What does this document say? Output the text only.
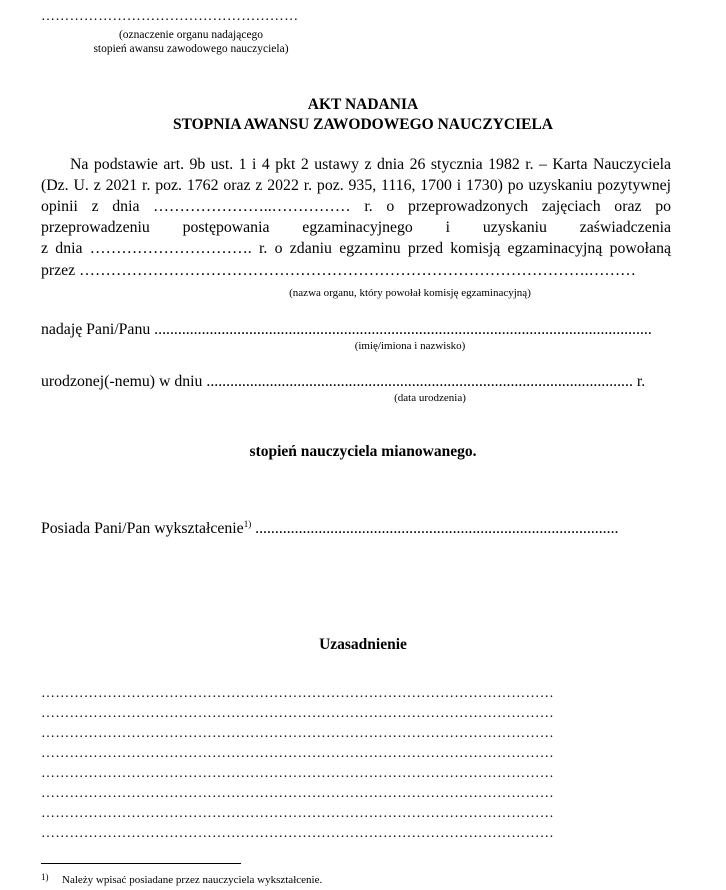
………………………………………………
(oznaczenie organu nadającego
stopień awansu zawodowego nauczyciela)
AKT NADANIA
STOPNIA AWANSU ZAWODOWEGO NAUCZYCIELA
Na podstawie art. 9b ust. 1 i 4 pkt 2 ustawy z dnia 26 stycznia 1982 r. – Karta Nauczyciela
(Dz. U. z 2021 r. poz. 1762 oraz z 2022 r. poz. 935, 1116, 1700 i 1730) po uzyskaniu pozytywnej
opinii z dnia …………………..…………… r. o przeprowadzonych zajęciach oraz po
przeprowadzeniu postępowania egzaminacyjnego i uzyskaniu zaświadczenia
z dnia …………………………. r. o zdaniu egzaminu przed komisją egzaminacyjną powołaną
przez …………………………………………………………………………………….………
(nazwa organu, który powołał komisję egzaminacyjną)
nadaję Pani/Panu ..............................................................................................................................
(imię/imiona i nazwisko)
urodzonej(-nemu) w dniu ............................................................................................................ r.
(data urodzenia)
stopień nauczyciela mianowanego.
Posiada Pani/Pan wykształcenie$^{1)}$ ............................................................................................
Uzasadnienie
………………………………………………………………………………………………
………………………………………………………………………………………………
………………………………………………………………………………………………
………………………………………………………………………………………………
………………………………………………………………………………………………
………………………………………………………………………………………………
………………………………………………………………………………………………
………………………………………………………………………………………………
1) Należy wpisać posiadane przez nauczyciela wykształcenie.
